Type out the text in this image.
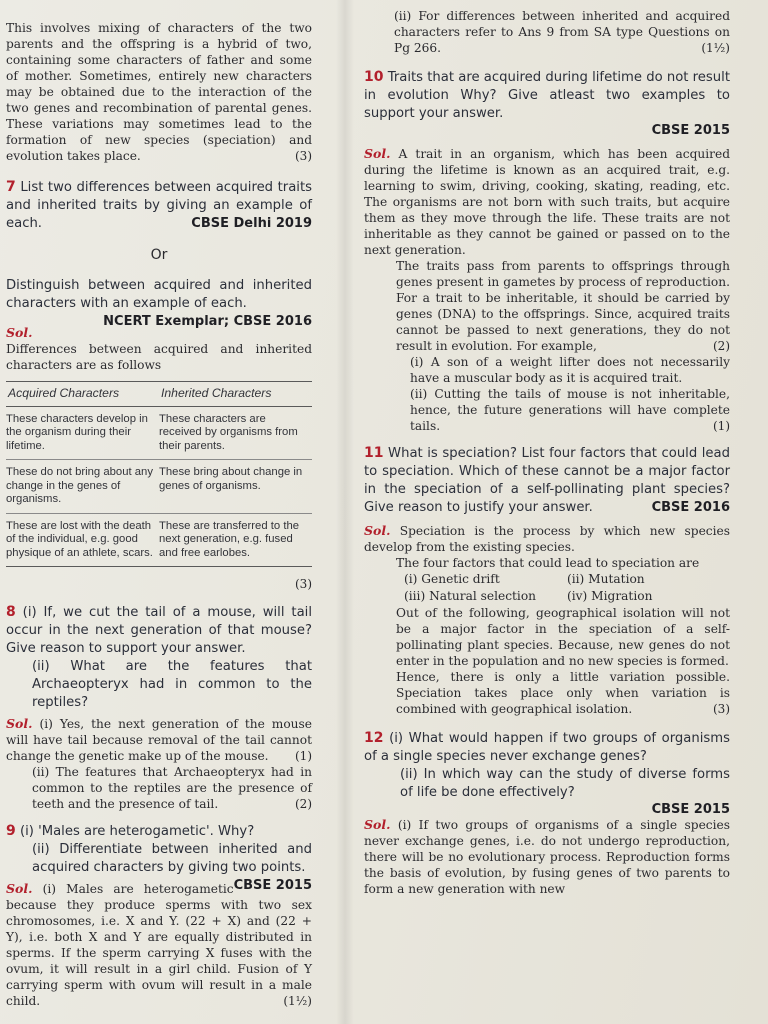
This involves mixing of characters of the two parents and the offspring is a hybrid of two, containing some characters of father and some of mother. Sometimes, entirely new characters may be obtained due to the interaction of the two genes and recombination of parental genes. These variations may sometimes lead to the formation of new species (speciation) and evolution takes place.	(3)

7 List two differences between acquired traits and inherited traits by giving an example of each.	CBSE Delhi 2019

Or

Distinguish between acquired and inherited characters with an example of each.
NCERT Exemplar; CBSE 2016

Sol. Differences between acquired and inherited characters are as follows

Acquired Characters	Inherited Characters
These characters develop in the organism during their lifetime.	These characters are received by organisms from their parents.
These do not bring about any change in the genes of organisms.	These bring about change in genes of organisms.
These are lost with the death of the individual, e.g. good physique of an athlete, scars.	These are transferred to the next generation, e.g. fused and free earlobes.

(3)

8 (i) If, we cut the tail of a mouse, will tail occur in the next generation of that mouse? Give reason to support your answer.

(ii) What are the features that Archaeopteryx had in common to the reptiles?

Sol. (i) Yes, the next generation of the mouse will have tail because removal of the tail cannot change the genetic make up of the mouse. (1)

(ii) The features that Archaeopteryx had in common to the reptiles are the presence of teeth and the presence of tail.	(2)

9 (i) 'Males are heterogametic'. Why?

(ii) Differentiate between inherited and acquired characters by giving two points.
CBSE 2015

Sol. (i) Males are heterogametic because they produce sperms with two sex chromosomes, i.e. X and Y. (22 + X) and (22 + Y), i.e. both X and Y are equally distributed in sperms. If the sperm carrying X fuses with the ovum, it will result in a girl child. Fusion of Y carrying sperm with ovum will result in a male child.	(1½)

(ii) For differences between inherited and acquired characters refer to Ans 9 from SA type Questions on Pg 266.	(1½)

10 Traits that are acquired during lifetime do not result in evolution Why? Give atleast two examples to support your answer.

CBSE 2015

Sol. A trait in an organism, which has been acquired during the lifetime is known as an acquired trait, e.g. learning to swim, driving, cooking, skating, reading, etc. The organisms are not born with such traits, but acquire them as they move through the life. These traits are not inheritable as they cannot be gained or passed on to the next generation.

The traits pass from parents to offsprings through genes present in gametes by process of reproduction. For a trait to be inheritable, it should be carried by genes (DNA) to the offsprings. Since, acquired traits cannot be passed to next generations, they do not result in evolution. For example,	(2)

(i) A son of a weight lifter does not necessarily have a muscular body as it is acquired trait.

(ii) Cutting the tails of mouse is not inheritable, hence, the future generations will have complete tails.	(1)

11 What is speciation? List four factors that could lead to speciation. Which of these cannot be a major factor in the speciation of a self-pollinating plant species? Give reason to justify your answer.	CBSE 2016

Sol. Speciation is the process by which new species develop from the existing species.

The four factors that could lead to speciation are

(i) Genetic drift	(ii) Mutation
(iii) Natural selection	(iv) Migration

Out of the following, geographical isolation will not be a major factor in the speciation of a self-pollinating plant species. Because, new genes do not enter in the population and no new species is formed.

Hence, there is only a little variation possible. Speciation takes place only when variation is combined with geographical isolation.	(3)

12 (i) What would happen if two groups of organisms of a single species never exchange genes?

(ii) In which way can the study of diverse forms of life be done effectively?

CBSE 2015

Sol. (i) If two groups of organisms of a single species never exchange genes, i.e. do not undergo reproduction, there will be no evolutionary process. Reproduction forms the basis of evolution, by fusing genes of two parents to form a new generation with new
